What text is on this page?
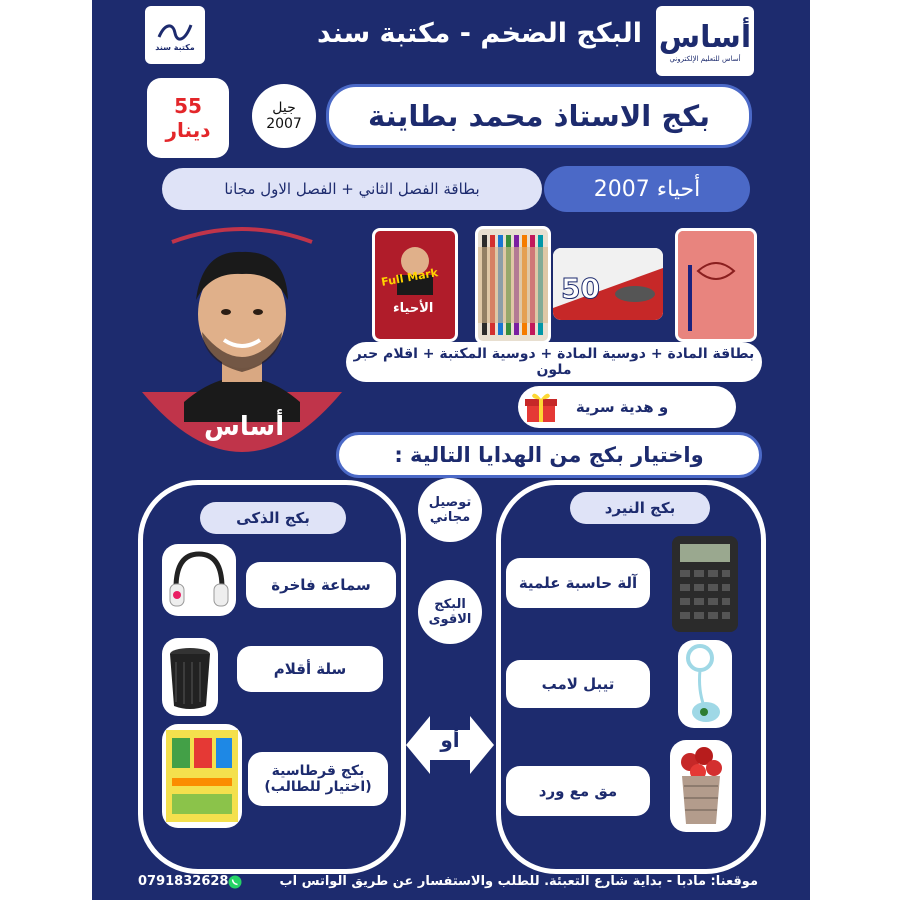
مكتبة سند	البكج الضخم - مكتبة سند أساس
أساس للتعليم الإلكتروني
55
دينار
جيل
2007	بكج الاستاذ محمد بطاينة
بطاقة الفصل الثاني + الفصل الاول مجانا	أحياء 2007
أساس
Full Mark
الأحياء
50
بطاقة المادة + دوسية المادة + دوسية المكتبة + اقلام حبر ملون
و هدية سرية
واختيار بكج من الهدايا التالية :
بكج الذكى
سماعة فاخرة
سلة أقلام
بكج قرطاسية
(اختيار للطالب)
توصيل
مجاني
البكج
الاقوى
أو
بكج النيرد
آلة حاسبة علمية
تيبل لامب
مق مع ورد
موقعنا: مادبا - بداية شارع التعبئة. للطلب والاستفسار عن طريق الواتس اب
0791832628
